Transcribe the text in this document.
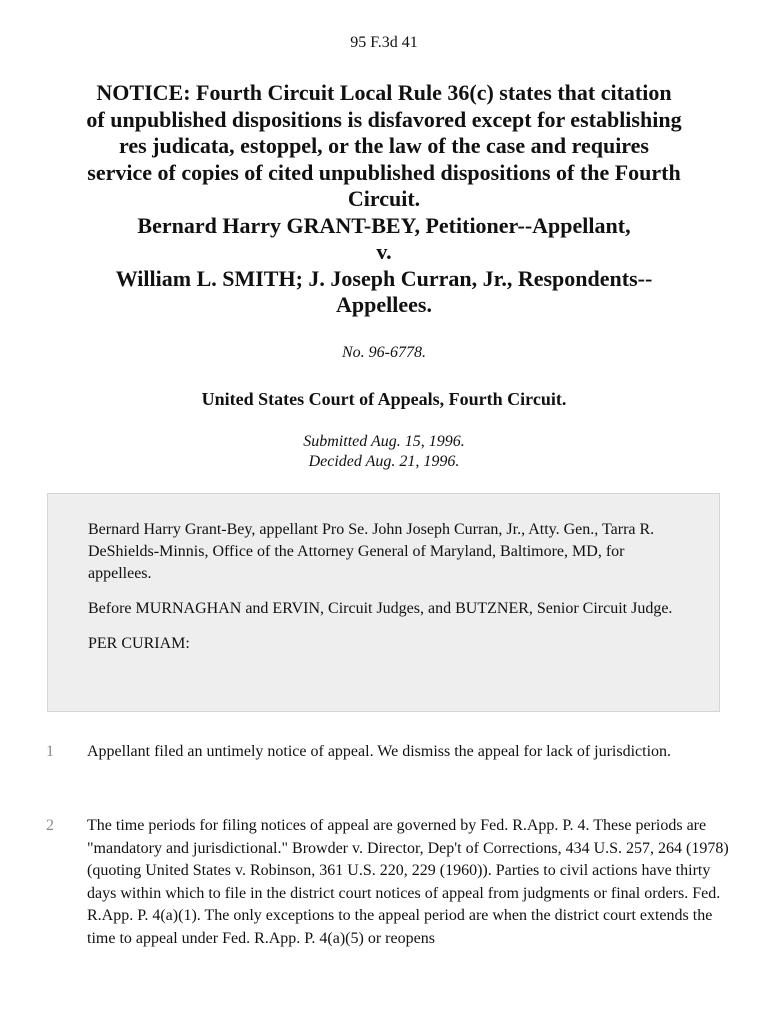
95 F.3d 41
NOTICE: Fourth Circuit Local Rule 36(c) states that citation
of unpublished dispositions is disfavored except for establishing
res judicata, estoppel, or the law of the case and requires
service of copies of cited unpublished dispositions of the Fourth
Circuit.
Bernard Harry GRANT-BEY, Petitioner--Appellant,
v.
William L. SMITH; J. Joseph Curran, Jr., Respondents--
Appellees.
No. 96-6778.
United States Court of Appeals, Fourth Circuit.
Submitted Aug. 15, 1996.
Decided Aug. 21, 1996.

Bernard Harry Grant-Bey, appellant Pro Se. John Joseph Curran, Jr., Atty. Gen., Tarra R. DeShields-Minnis, Office of the Attorney General of Maryland, Baltimore, MD, for appellees.

Before MURNAGHAN and ERVIN, Circuit Judges, and BUTZNER, Senior Circuit Judge.

PER CURIAM:

1 Appellant filed an untimely notice of appeal. We dismiss the appeal for lack of jurisdiction.
2 The time periods for filing notices of appeal are governed by Fed. R.App. P. 4. These periods are "mandatory and jurisdictional." Browder v. Director, Dep't of Corrections, 434 U.S. 257, 264 (1978) (quoting United States v. Robinson, 361 U.S. 220, 229 (1960)). Parties to civil actions have thirty days within which to file in the district court notices of appeal from judgments or final orders. Fed. R.App. P. 4(a)(1). The only exceptions to the appeal period are when the district court extends the time to appeal under Fed. R.App. P. 4(a)(5) or reopens
